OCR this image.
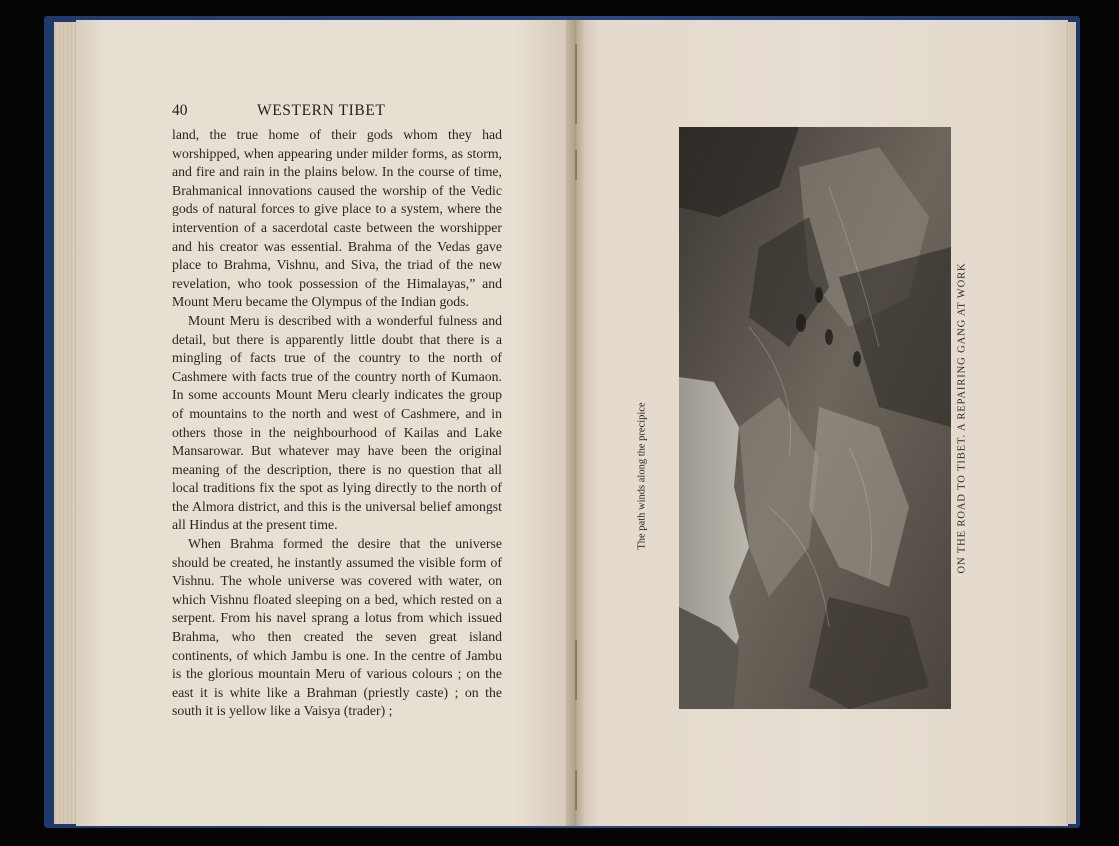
40	WESTERN TIBET

land, the true home of their gods whom they had worshipped, when appearing under milder forms, as storm, and fire and rain in the plains below. In the course of time, Brahmanical innovations caused the worship of the Vedic gods of natural forces to give place to a system, where the intervention of a sacerdotal caste between the worshipper and his creator was essential. Brahma of the Vedas gave place to Brahma, Vishnu, and Siva, the triad of the new revelation, who took possession of the Himalayas,” and Mount Meru became the Olympus of the Indian gods.

Mount Meru is described with a wonderful fulness and detail, but there is apparently little doubt that there is a mingling of facts true of the country to the north of Cashmere with facts true of the country north of Kumaon. In some accounts Mount Meru clearly indicates the group of mountains to the north and west of Cashmere, and in others those in the neighbourhood of Kailas and Lake Mansarowar. But whatever may have been the original meaning of the description, there is no question that all local traditions fix the spot as lying directly to the north of the Almora district, and this is the universal belief amongst all Hindus at the present time.

When Brahma formed the desire that the universe should be created, he instantly assumed the visible form of Vishnu. The whole universe was covered with water, on which Vishnu floated sleeping on a bed, which rested on a serpent. From his navel sprang a lotus from which issued Brahma, who then created the seven great island continents, of which Jambu is one. In the centre of Jambu is the glorious mountain Meru of various colours ; on the east it is white like a Brahman (priestly caste) ; on the south it is yellow like a Vaisya (trader) ;

The path winds along the precipice	ON THE ROAD TO TIBET. A REPAIRING GANG AT WORK
